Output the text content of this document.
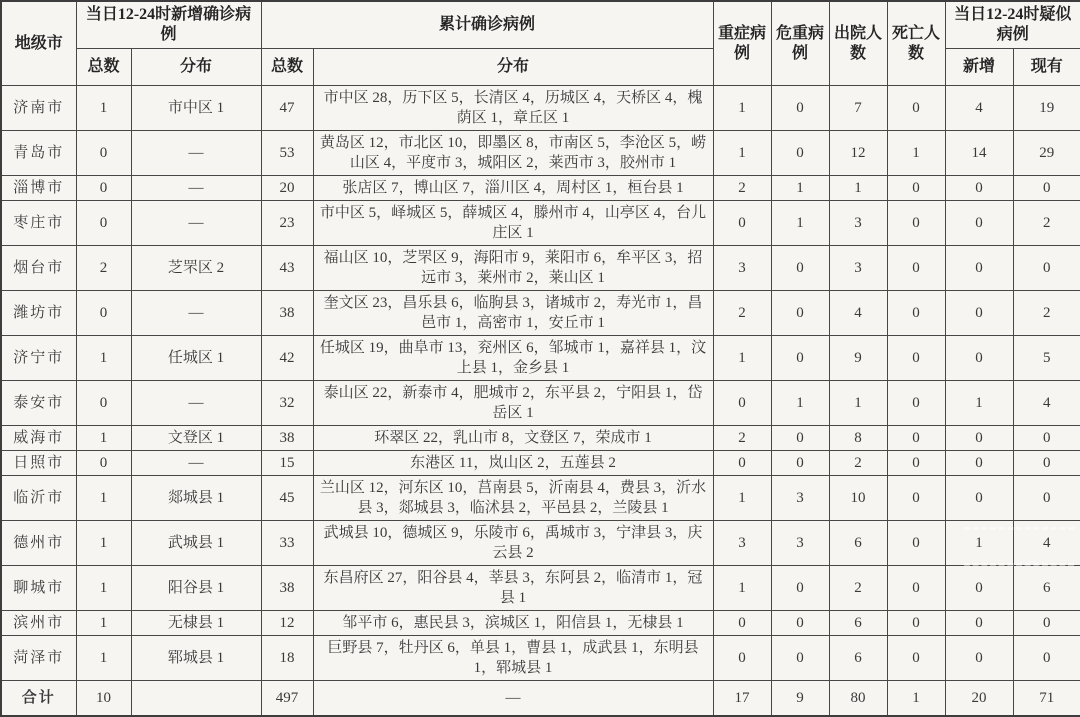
地级市	当日12-24时新增确诊病例		累计确诊病例		重症病例	危重病例	出院人数	死亡人数	当日12-24时疑似病例	
	总数	分布	总数	分布					新增	现有
济南市	1	市中区 1	47	市中区 28，历下区 5，长清区 4，历城区 4，天桥区 4，槐荫区 1，章丘区 1	1	0	7	0	4	19
青岛市	0	—	53	黄岛区 12，市北区 10，即墨区 8，市南区 5，李沧区 5，崂山区 4，平度市 3，城阳区 2，莱西市 3，胶州市 1	1	0	12	1	14	29
淄博市	0	—	20	张店区 7，博山区 7，淄川区 4，周村区 1，桓台县 1	2	1	1	0	0	0
枣庄市	0	—	23	市中区 5，峄城区 5，薛城区 4，滕州市 4，山亭区 4，台儿庄区 1	0	1	3	0	0	2
烟台市	2	芝罘区 2	43	福山区 10，芝罘区 9，海阳市 9，莱阳市 6，牟平区 3，招远市 3，莱州市 2，莱山区 1	3	0	3	0	0	0
潍坊市	0	—	38	奎文区 23，昌乐县 6，临朐县 3，诸城市 2，寿光市 1，昌邑市 1，高密市 1，安丘市 1	2	0	4	0	0	2
济宁市	1	任城区 1	42	任城区 19，曲阜市 13，兖州区 6，邹城市 1，嘉祥县 1，汶上县 1，金乡县 1	1	0	9	0	0	5
泰安市	0	—	32	泰山区 22，新泰市 4，肥城市 2，东平县 2，宁阳县 1，岱岳区 1	0	1	1	0	1	4
威海市	1	文登区 1	38	环翠区 22，乳山市 8，文登区 7，荣成市 1	2	0	8	0	0	0
日照市	0	—	15	东港区 11，岚山区 2，五莲县 2	0	0	2	0	0	0
临沂市	1	郯城县 1	45	兰山区 12，河东区 10，莒南县 5，沂南县 4，费县 3，沂水县 3，郯城县 3，临沭县 2，平邑县 2，兰陵县 1	1	3	10	0	0	0
德州市	1	武城县 1	33	武城县 10，德城区 9，乐陵市 6，禹城市 3，宁津县 3，庆云县 2	3	3	6	0	1	4
聊城市	1	阳谷县 1	38	东昌府区 27，阳谷县 4，莘县 3，东阿县 2，临清市 1，冠县 1	1	0	2	0	0	6
滨州市	1	无棣县 1	12	邹平市 6，惠民县 3，滨城区 1，阳信县 1，无棣县 1	0	0	6	0	0	0
菏泽市	1	郓城县 1	18	巨野县 7，牡丹区 6，单县 1，曹县 1，成武县 1，东明县 1，郓城县 1	0	0	6	0	0	0
合计	10		497	—	17	9	80	1	20	71
